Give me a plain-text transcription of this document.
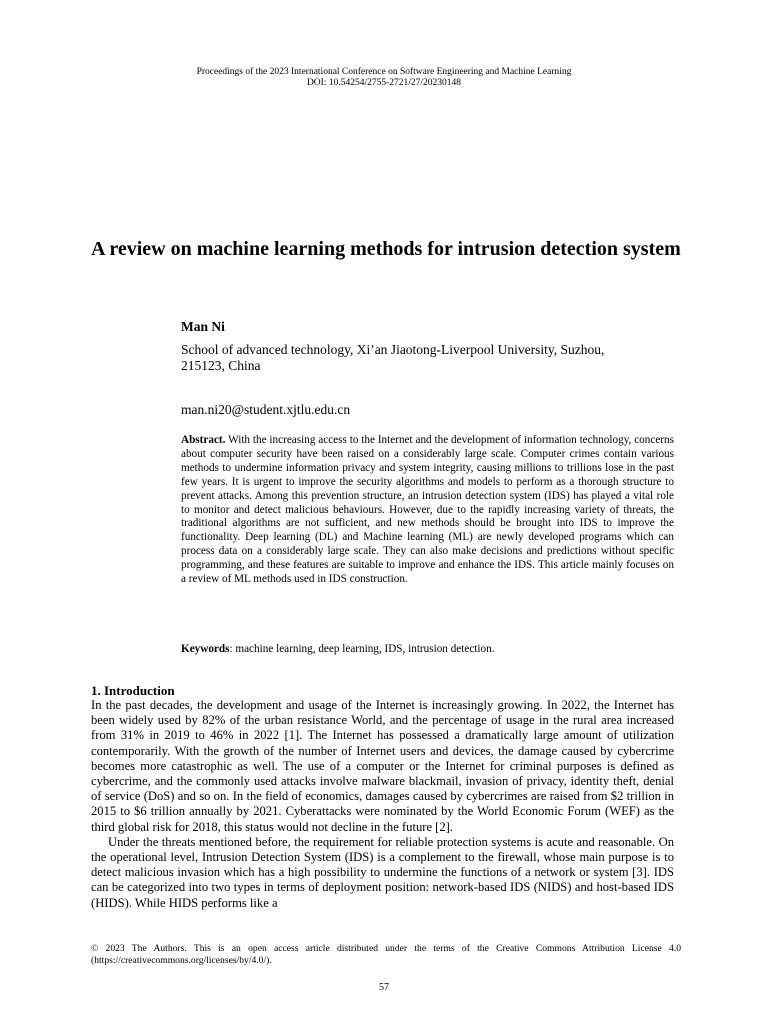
Proceedings of the 2023 International Conference on Software Engineering and Machine Learning
DOI: 10.54254/2755-2721/27/20230148
A review on machine learning methods for intrusion detection system
Man Ni
School of advanced technology, Xi’an Jiaotong-Liverpool University, Suzhou, 215123, China
man.ni20@student.xjtlu.edu.cn

Abstract. With the increasing access to the Internet and the development of information technology, concerns about computer security have been raised on a considerably large scale. Computer crimes contain various methods to undermine information privacy and system integrity, causing millions to trillions lose in the past few years. It is urgent to improve the security algorithms and models to perform as a thorough structure to prevent attacks. Among this prevention structure, an intrusion detection system (IDS) has played a vital role to monitor and detect malicious behaviours. However, due to the rapidly increasing variety of threats, the traditional algorithms are not sufficient, and new methods should be brought into IDS to improve the functionality. Deep learning (DL) and Machine learning (ML) are newly developed programs which can process data on a considerably large scale. They can also make decisions and predictions without specific programming, and these features are suitable to improve and enhance the IDS. This article mainly focuses on a review of ML methods used in IDS construction.

Keywords: machine learning, deep learning, IDS, intrusion detection.

1. Introduction

In the past decades, the development and usage of the Internet is increasingly growing. In 2022, the Internet has been widely used by 82% of the urban resistance World, and the percentage of usage in the rural area increased from 31% in 2019 to 46% in 2022 [1]. The Internet has possessed a dramatically large amount of utilization contemporarily. With the growth of the number of Internet users and devices, the damage caused by cybercrime becomes more catastrophic as well. The use of a computer or the Internet for criminal purposes is defined as cybercrime, and the commonly used attacks involve malware blackmail, invasion of privacy, identity theft, denial of service (DoS) and so on. In the field of economics, damages caused by cybercrimes are raised from $2 trillion in 2015 to $6 trillion annually by 2021. Cyberattacks were nominated by the World Economic Forum (WEF) as the third global risk for 2018, this status would not decline in the future [2].

Under the threats mentioned before, the requirement for reliable protection systems is acute and reasonable. On the operational level, Intrusion Detection System (IDS) is a complement to the firewall, whose main purpose is to detect malicious invasion which has a high possibility to undermine the functions of a network or system [3]. IDS can be categorized into two types in terms of deployment position: network-based IDS (NIDS) and host-based IDS (HIDS). While HIDS performs like a

© 2023 The Authors. This is an open access article distributed under the terms of the Creative Commons Attribution License 4.0 (https://creativecommons.org/licenses/by/4.0/).

57
